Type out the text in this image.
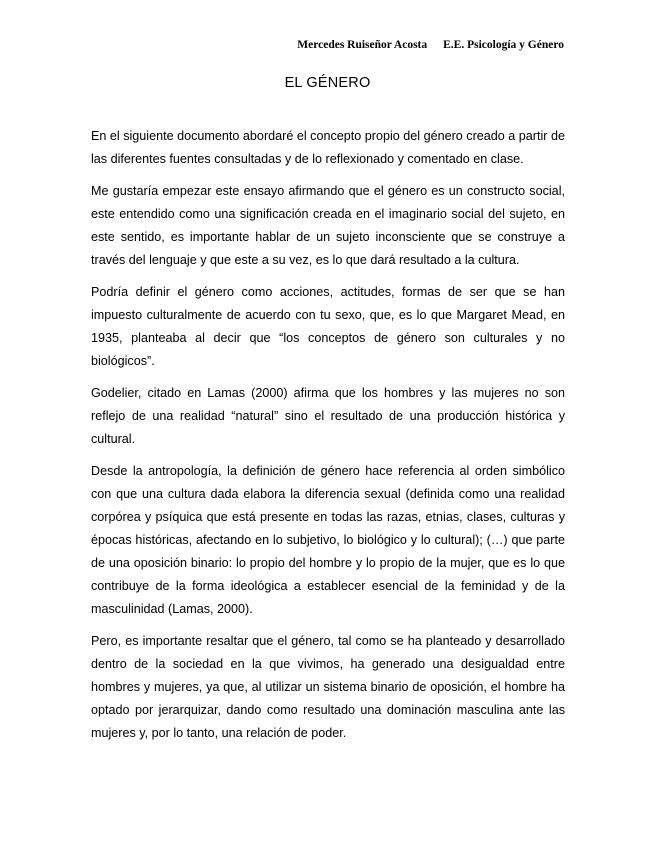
Mercedes Ruiseñor Acosta E.E. Psicología y Género
EL GÉNERO

En el siguiente documento abordaré el concepto propio del género creado a partir de las diferentes fuentes consultadas y de lo reflexionado y comentado en clase.

Me gustaría empezar este ensayo afirmando que el género es un constructo social, este entendido como una significación creada en el imaginario social del sujeto, en este sentido, es importante hablar de un sujeto inconsciente que se construye a través del lenguaje y que este a su vez, es lo que dará resultado a la cultura.

Podría definir el género como acciones, actitudes, formas de ser que se han impuesto culturalmente de acuerdo con tu sexo, que, es lo que Margaret Mead, en 1935, planteaba al decir que “los conceptos de género son culturales y no biológicos”.

Godelier, citado en Lamas (2000) afirma que los hombres y las mujeres no son reflejo de una realidad “natural” sino el resultado de una producción histórica y cultural.

Desde la antropología, la definición de género hace referencia al orden simbólico con que una cultura dada elabora la diferencia sexual (definida como una realidad corpórea y psíquica que está presente en todas las razas, etnias, clases, culturas y épocas históricas, afectando en lo subjetivo, lo biológico y lo cultural); (…) que parte de una oposición binario: lo propio del hombre y lo propio de la mujer, que es lo que contribuye de la forma ideológica a establecer esencial de la feminidad y de la masculinidad (Lamas, 2000).

Pero, es importante resaltar que el género, tal como se ha planteado y desarrollado dentro de la sociedad en la que vivimos, ha generado una desigualdad entre hombres y mujeres, ya que, al utilizar un sistema binario de oposición, el hombre ha optado por jerarquizar, dando como resultado una dominación masculina ante las mujeres y, por lo tanto, una relación de poder.
